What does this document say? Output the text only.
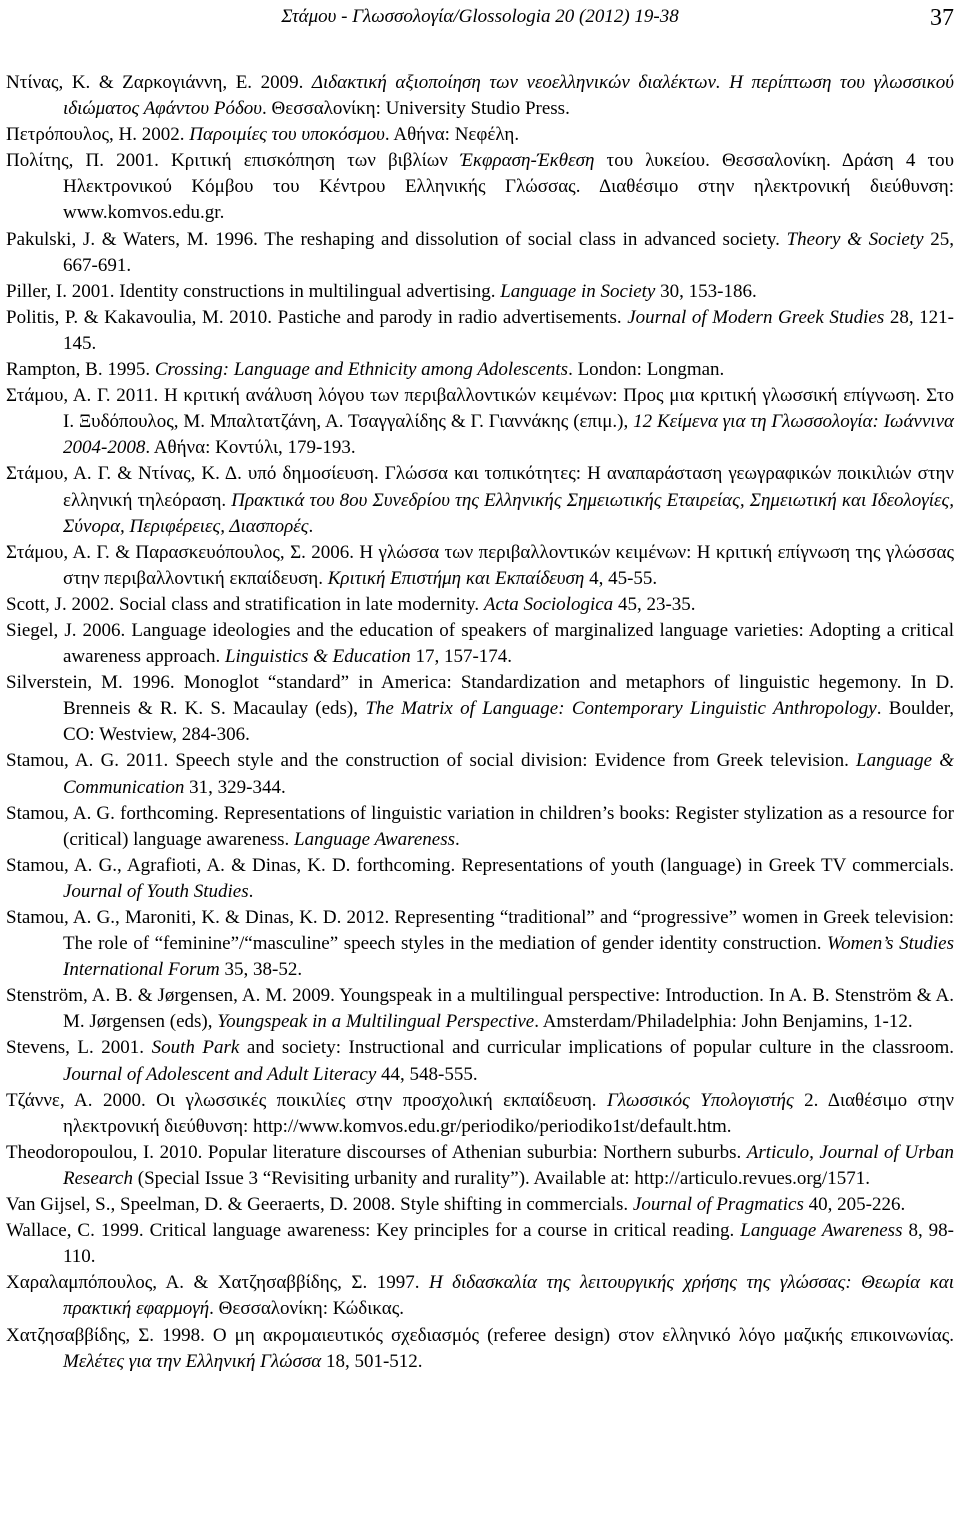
Στάμου - Γλωσσολογία/Glossologia 20 (2012) 19-38	37

Ντίνας, Κ. & Ζαρκογιάννη, Ε. 2009. Διδακτική αξιοποίηση των νεοελληνικών διαλέκτων. Η περίπτωση του γλωσσικού ιδιώματος Αφάντου Ρόδου. Θεσσαλονίκη: University Studio Press.

Πετρόπουλος, Η. 2002. Παροιμίες του υποκόσμου. Αθήνα: Νεφέλη.

Πολίτης, Π. 2001. Κριτική επισκόπηση των βιβλίων Έκφραση-Έκθεση του λυκείου. Θεσσαλονίκη. Δράση 4 του Ηλεκτρονικού Κόμβου του Κέντρου Ελληνικής Γλώσσας. Διαθέσιμο στην ηλεκτρονική διεύθυνση: www.komvos.edu.gr.

Pakulski, J. & Waters, M. 1996. The reshaping and dissolution of social class in advanced society. Theory & Society 25, 667-691.

Piller, I. 2001. Identity constructions in multilingual advertising. Language in Society 30, 153-186.

Politis, P. & Kakavoulia, M. 2010. Pastiche and parody in radio advertisements. Journal of Modern Greek Studies 28, 121-145.

Rampton, B. 1995. Crossing: Language and Ethnicity among Adolescents. London: Longman.

Στάμου, Α. Γ. 2011. Η κριτική ανάλυση λόγου των περιβαλλοντικών κειμένων: Προς μια κριτική γλωσσική επίγνωση. Στο Ι. Ξυδόπουλος, Μ. Μπαλτατζάνη, Α. Τσαγγαλίδης & Γ. Γιαννάκης (επιμ.), 12 Κείμενα για τη Γλωσσολογία: Ιωάννινα 2004-2008. Αθήνα: Κοντύλι, 179-193.

Στάμου, Α. Γ. & Ντίνας, Κ. Δ. υπό δημοσίευση. Γλώσσα και τοπικότητες: Η αναπαράσταση γεωγραφικών ποικιλιών στην ελληνική τηλεόραση. Πρακτικά του 8ου Συνεδρίου της Ελληνικής Σημειωτικής Εταιρείας, Σημειωτική και Ιδεολογίες, Σύνορα, Περιφέρειες, Διασπορές.

Στάμου, Α. Γ. & Παρασκευόπουλος, Σ. 2006. Η γλώσσα των περιβαλλοντικών κειμένων: Η κριτική επίγνωση της γλώσσας στην περιβαλλοντική εκπαίδευση. Κριτική Επιστήμη και Εκπαίδευση 4, 45-55.

Scott, J. 2002. Social class and stratification in late modernity. Acta Sociologica 45, 23-35.

Siegel, J. 2006. Language ideologies and the education of speakers of marginalized language varieties: Adopting a critical awareness approach. Linguistics & Education 17, 157-174.

Silverstein, M. 1996. Monoglot “standard” in America: Standardization and metaphors of linguistic hegemony. In D. Brenneis & R. K. S. Macaulay (eds), The Matrix of Language: Contemporary Linguistic Anthropology. Boulder, CO: Westview, 284-306.

Stamou, A. G. 2011. Speech style and the construction of social division: Evidence from Greek television. Language & Communication 31, 329-344.

Stamou, A. G. forthcoming. Representations of linguistic variation in children’s books: Register stylization as a resource for (critical) language awareness. Language Awareness.

Stamou, A. G., Agrafioti, A. & Dinas, K. D. forthcoming. Representations of youth (language) in Greek TV commercials. Journal of Youth Studies.

Stamou, A. G., Maroniti, K. & Dinas, K. D. 2012. Representing “traditional” and “progressive” women in Greek television: The role of “feminine”/“masculine” speech styles in the mediation of gender identity construction. Women’s Studies International Forum 35, 38-52.

Stenström, A. B. & Jørgensen, A. M. 2009. Youngspeak in a multilingual perspective: Introduction. In A. B. Stenström & A. M. Jørgensen (eds), Youngspeak in a Multilingual Perspective. Amsterdam/Philadelphia: John Benjamins, 1-12.

Stevens, L. 2001. South Park and society: Instructional and curricular implications of popular culture in the classroom. Journal of Adolescent and Adult Literacy 44, 548-555.

Τζάννε, Α. 2000. Οι γλωσσικές ποικιλίες στην προσχολική εκπαίδευση. Γλωσσικός Υπολογιστής 2. Διαθέσιμο στην ηλεκτρονική διεύθυνση: http://www.komvos.edu.gr/periodiko/periodiko1st/default.htm.

Theodoropoulou, I. 2010. Popular literature discourses of Athenian suburbia: Northern suburbs. Articulo, Journal of Urban Research (Special Issue 3 “Revisiting urbanity and rurality”). Available at: http://articulo.revues.org/1571.

Van Gijsel, S., Speelman, D. & Geeraerts, D. 2008. Style shifting in commercials. Journal of Pragmatics 40, 205-226.

Wallace, C. 1999. Critical language awareness: Key principles for a course in critical reading. Language Awareness 8, 98-110.

Χαραλαμπόπουλος, Α. & Χατζησαββίδης, Σ. 1997. Η διδασκαλία της λειτουργικής χρήσης της γλώσσας: Θεωρία και πρακτική εφαρμογή. Θεσσαλονίκη: Κώδικας.

Χατζησαββίδης, Σ. 1998. Ο μη ακρομαιευτικός σχεδιασμός (referee design) στον ελληνικό λόγο μαζικής επικοινωνίας. Μελέτες για την Ελληνική Γλώσσα 18, 501-512.
